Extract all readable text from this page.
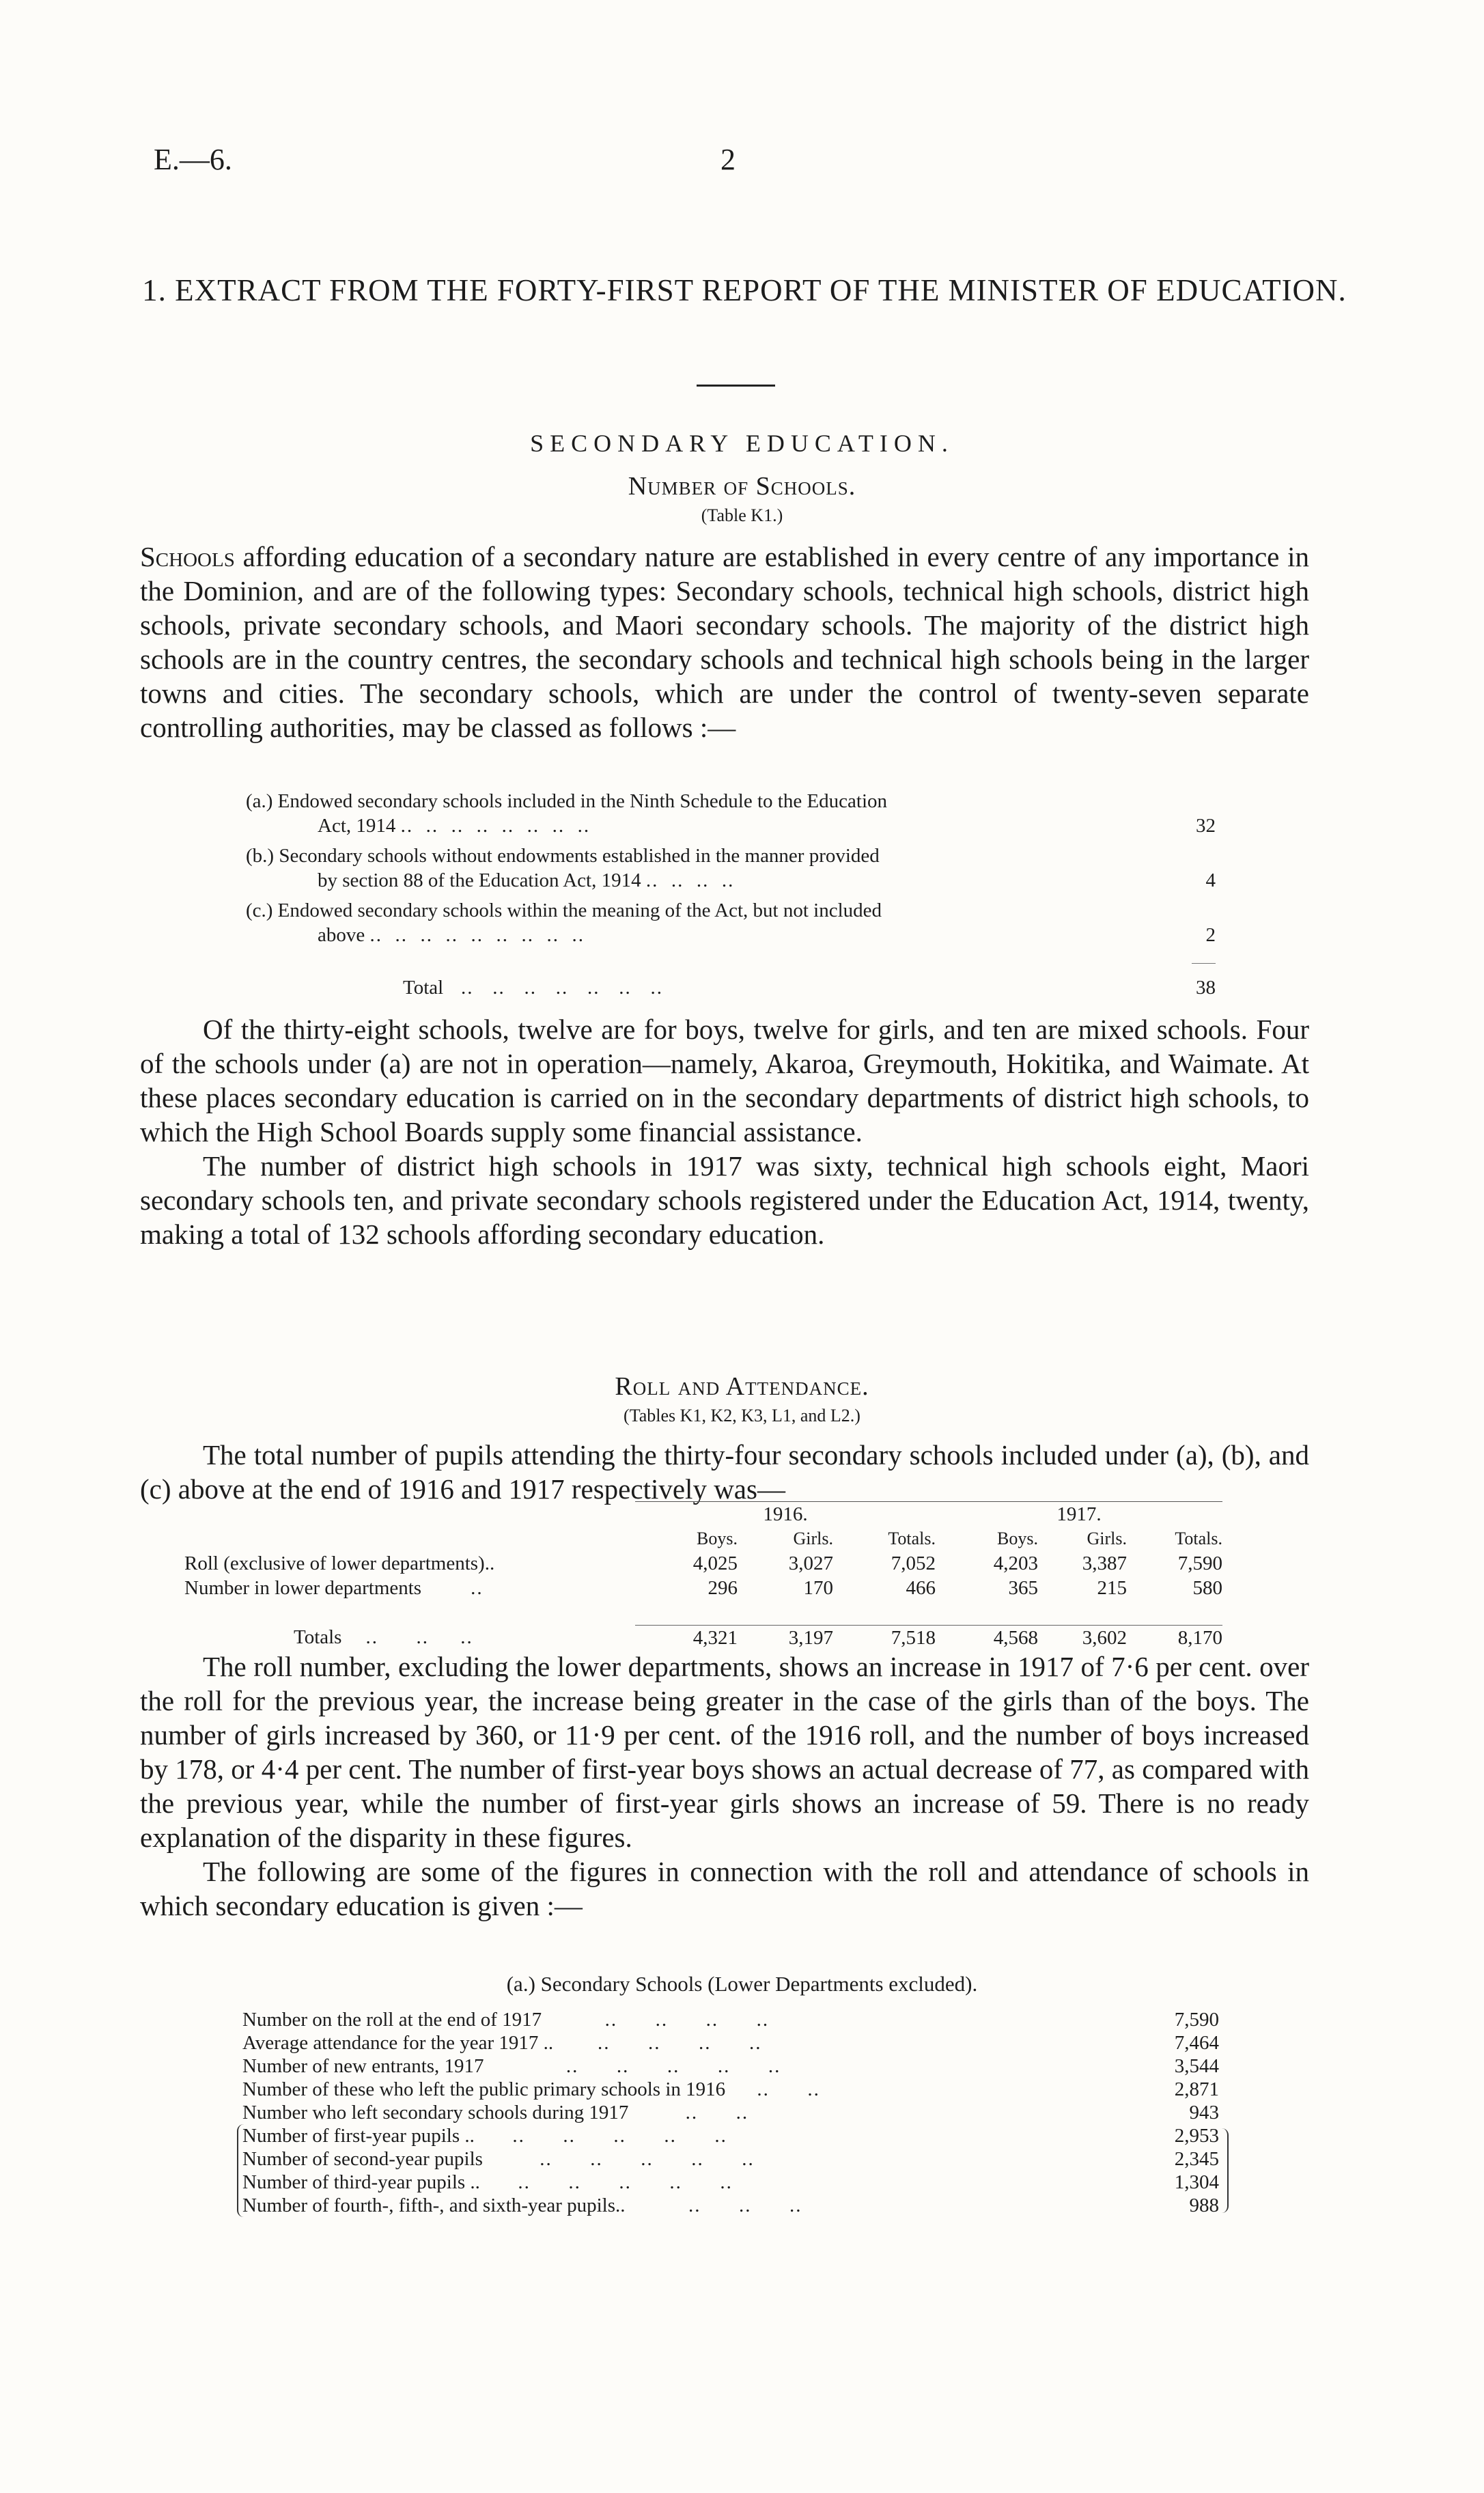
E.—6.	2
1. EXTRACT FROM THE FORTY-FIRST REPORT OF THE MINISTER OF EDUCATION.
SECONDARY EDUCATION.
Number of Schools.
(Table K1.)

Schools affording education of a secondary nature are established in every centre of any importance in the Dominion, and are of the following types: Secondary schools, technical high schools, district high schools, private secondary schools, and Maori secondary schools. The majority of the district high schools are in the country centres, the secondary schools and technical high schools being in the larger towns and cities. The secondary schools, which are under the control of twenty-seven separate controlling authorities, may be classed as follows :—

(a.) Endowed secondary schools included in the Ninth Schedule to the Education
Act, 1914 ..  ..  ..  ..  ..  ..  ..  ..	32
(b.) Secondary schools without endowments established in the manner provided
by section 88 of the Education Act, 1914 ..  ..  ..  ..	4
(c.) Endowed secondary schools within the meaning of the Act, but not included
above ..  ..  ..  ..  ..  ..  ..  ..  ..	2
Total   ..   ..   ..   ..   ..   ..   ..	38

Of the thirty-eight schools, twelve are for boys, twelve for girls, and ten are mixed schools. Four of the schools under (a) are not in operation—namely, Akaroa, Greymouth, Hokitika, and Waimate. At these places secondary education is carried on in the secondary departments of district high schools, to which the High School Boards supply some financial assistance.

The number of district high schools in 1917 was sixty, technical high schools eight, Maori secondary schools ten, and private secondary schools registered under the Education Act, 1914, twenty, making a total of 132 schools affording secondary education.

Roll and Attendance.
(Tables K1, K2, K3, L1, and L2.)

The total number of pupils attending the thirty-four secondary schools included under (a), (b), and (c) above at the end of 1916 and 1917 respectively was—

	1916.			1917.		
	Boys.	Girls.	Totals.	Boys.	Girls.	Totals.
Roll (exclusive of lower departments)..	4,025	3,027	7,052	4,203	3,387	7,590
Number in lower departments        ..	296	170	466	365	215	580

Totals    ..      ..     ..	4,321	3,197	7,518	4,568	3,602	8,170

The roll number, excluding the lower departments, shows an increase in 1917 of 7·6 per cent. over the roll for the previous year, the increase being greater in the case of the girls than of the boys. The number of girls increased by 360, or 11·9 per cent. of the 1916 roll, and the number of boys increased by 178, or 4·4 per cent. The number of first-year boys shows an actual decrease of 77, as compared with the previous year, while the number of first-year girls shows an increase of 59. There is no ready explanation of the disparity in these figures.

The following are some of the figures in connection with the roll and attendance of schools in which secondary education is given :—

(a.) Secondary Schools (Lower Departments excluded).
Number on the roll at the end of 1917          ..      ..      ..      ..	7,590
Average attendance for the year 1917 ..       ..      ..      ..      ..	7,464
Number of new entrants, 1917             ..      ..      ..      ..      ..	3,544
Number of these who left the public primary schools in 1916     ..      ..	2,871
Number who left secondary schools during 1917         ..      ..	943
Number of first-year pupils ..      ..      ..      ..      ..      ..	2,953
Number of second-year pupils         ..      ..      ..      ..      ..	2,345
Number of third-year pupils ..      ..      ..      ..      ..      ..	1,304
Number of fourth-, fifth-, and sixth-year pupils..          ..      ..      ..	988
